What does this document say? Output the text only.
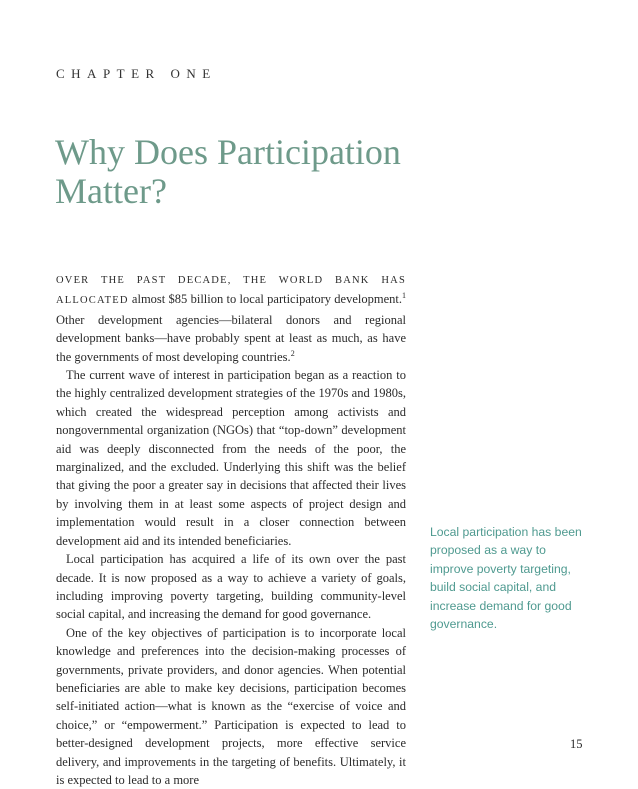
CHAPTER ONE
Why Does Participation Matter?

OVER THE PAST DECADE, THE WORLD BANK HAS ALLOCATED almost $85 billion to local participatory development.$^1$ Other development agencies—bilateral donors and regional development banks—have probably spent at least as much, as have the governments of most developing countries.$^2$

The current wave of interest in participation began as a reaction to the highly centralized development strategies of the 1970s and 1980s, which created the widespread perception among activists and nongovernmental organization (NGOs) that “top-down” development aid was deeply disconnected from the needs of the poor, the marginalized, and the excluded. Underlying this shift was the belief that giving the poor a greater say in decisions that affected their lives by involving them in at least some aspects of project design and implementation would result in a closer connection between development aid and its intended beneficiaries.

Local participation has acquired a life of its own over the past decade. It is now proposed as a way to achieve a variety of goals, including improving poverty targeting, building community-level social capital, and increasing the demand for good governance.

One of the key objectives of participation is to incorporate local knowledge and preferences into the decision-making processes of governments, private providers, and donor agencies. When potential beneficiaries are able to make key decisions, participation becomes self-initiated action—what is known as the “exercise of voice and choice,” or “empowerment.” Participation is expected to lead to better-designed development projects, more effective service delivery, and improvements in the targeting of benefits. Ultimately, it is expected to lead to a more

Local participation has been proposed as a way to improve poverty targeting, build social capital, and increase demand for good governance.
15
